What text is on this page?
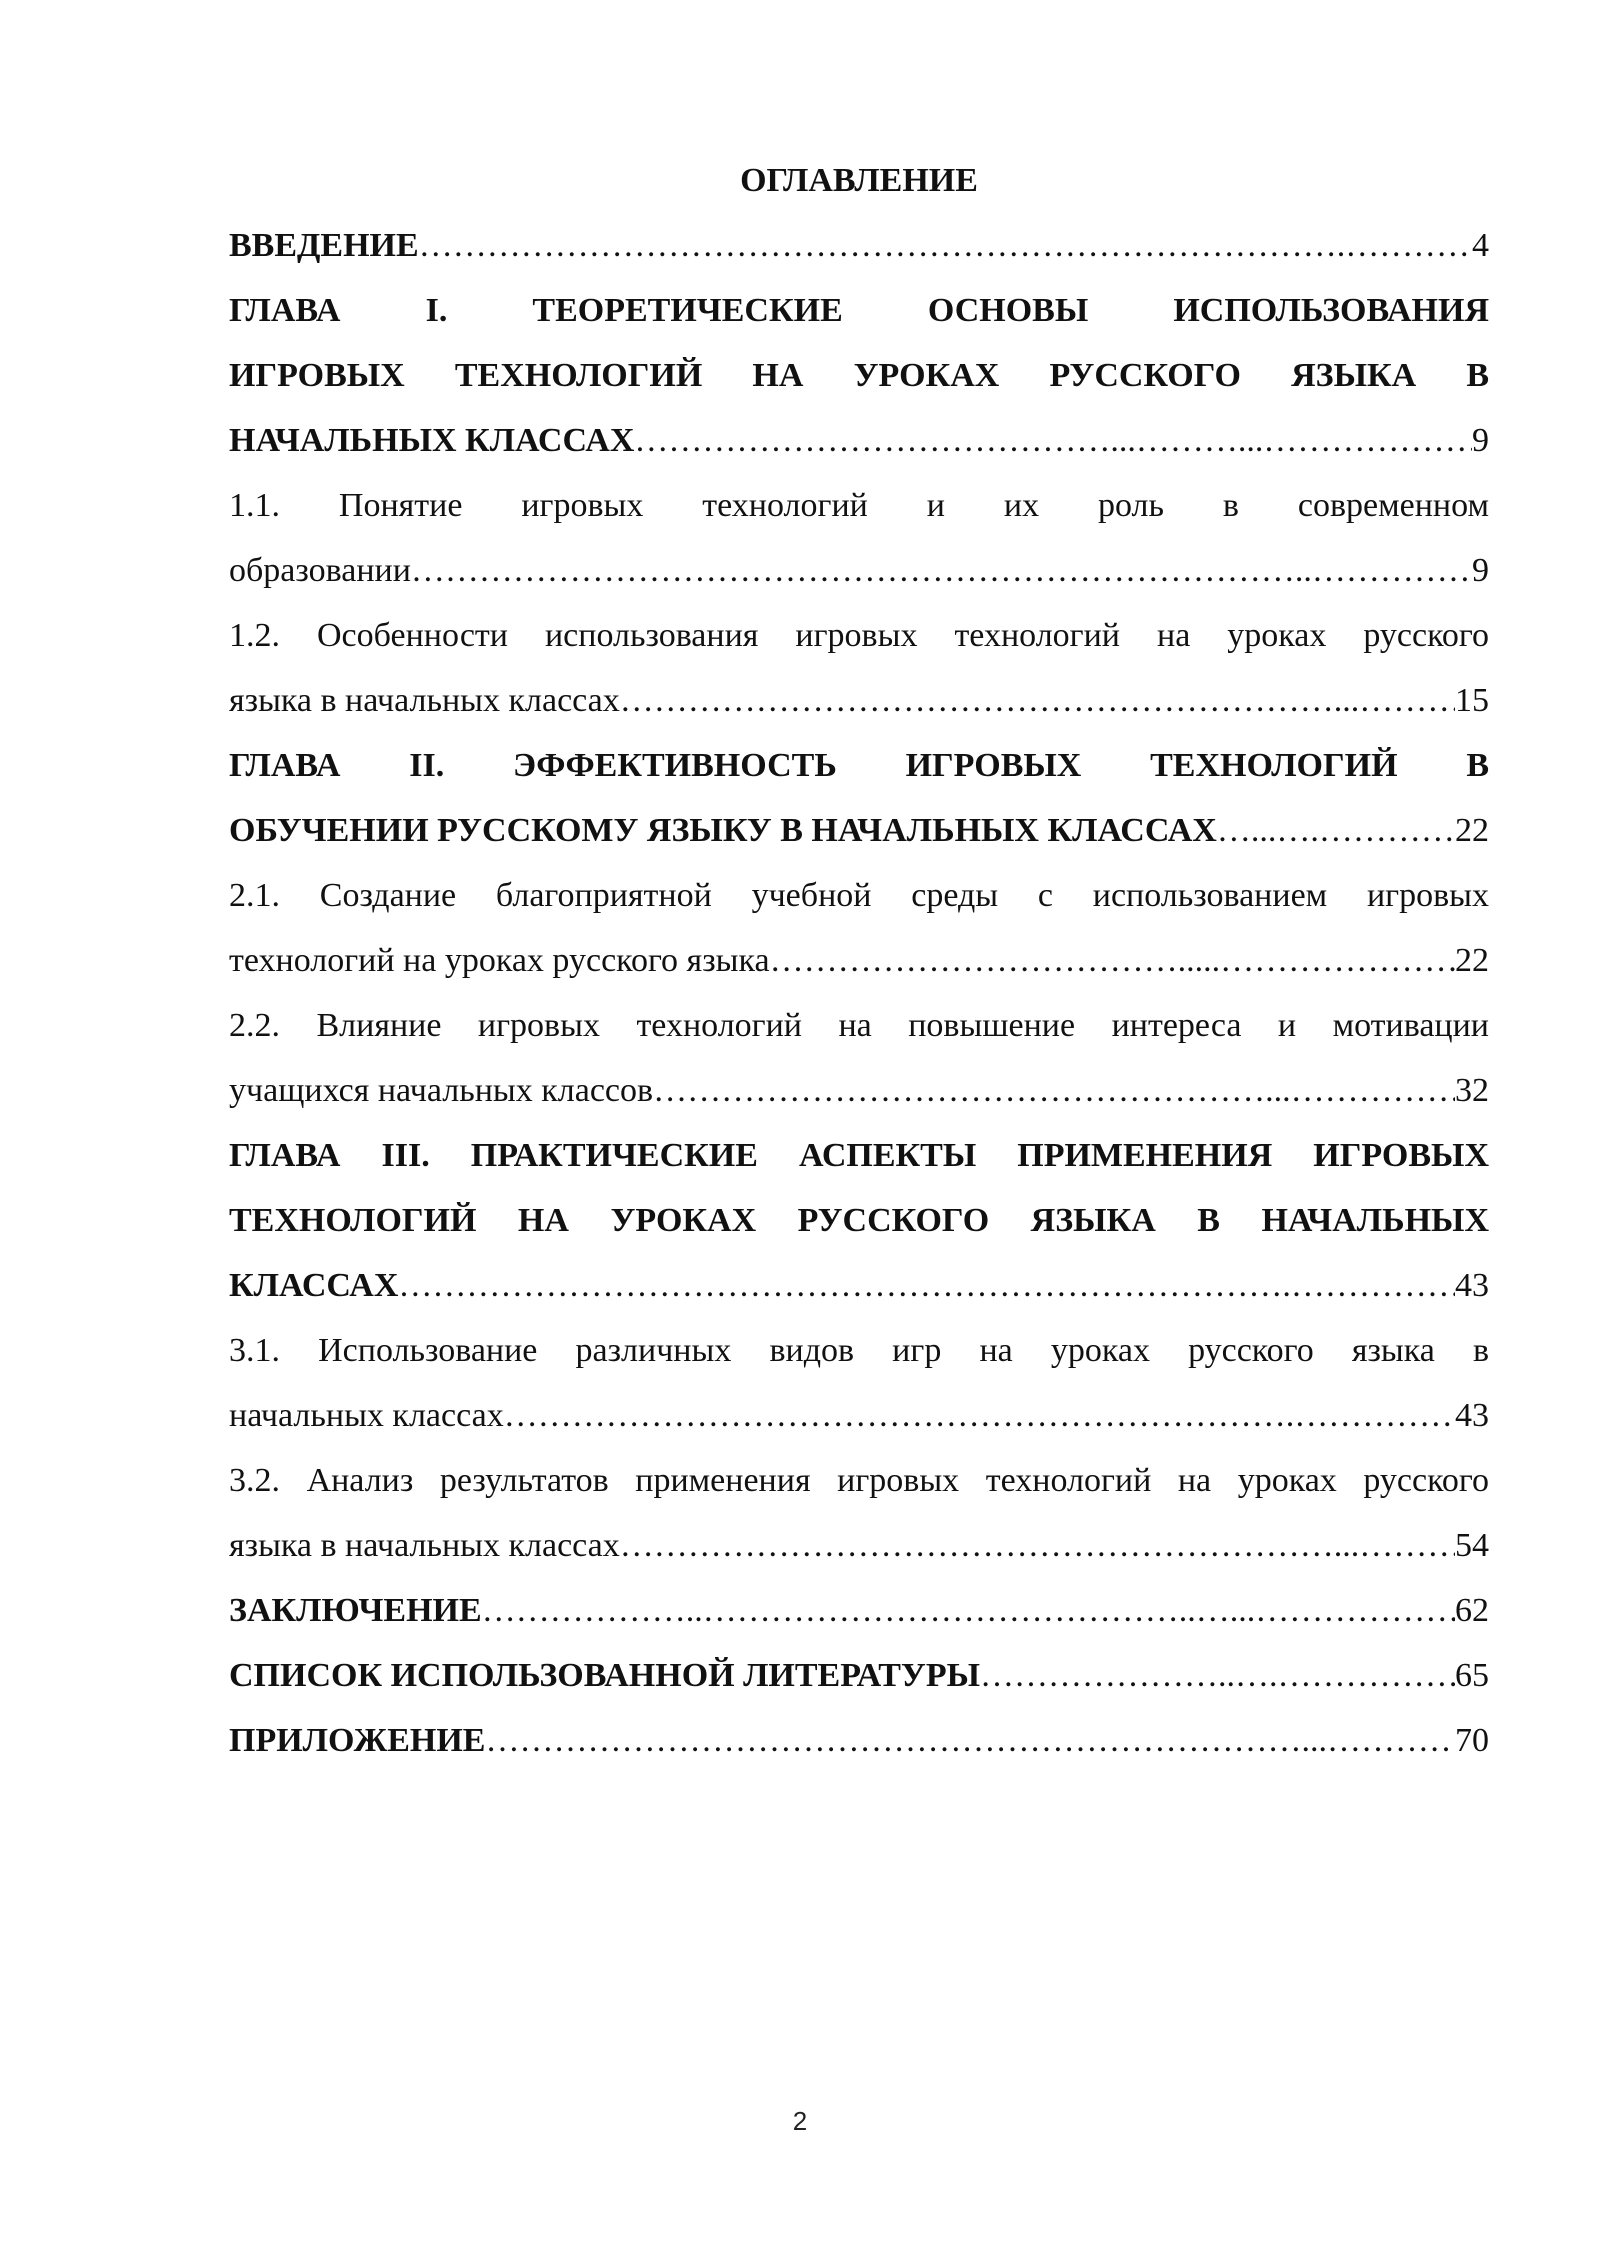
ОГЛАВЛЕНИЕ
ВВЕДЕНИЕ ………………………………………………………………………. ………………………………………………………………………………………………………………	4
ГЛАВА I. ТЕОРЕТИЧЕСКИЕ ОСНОВЫ ИСПОЛЬЗОВАНИЯ
ИГРОВЫХ ТЕХНОЛОГИЙ НА УРОКАХ РУССКОГО ЯЗЫКА В
НАЧАЛЬНЫХ КЛАССАХ ……………………………………...………... ………………………………………………………………………………………………………………	9
1.1. Понятие игровых технологий и их роль в современном
образовании …………………………………………………………………….. ………………………………………………………………………………………………………………	9
1.2. Особенности использования игровых технологий на уроках русского
языка в начальных классах ………………………………………………………... ………………………………………………………………………………………………………………	15
ГЛАВА II. ЭФФЕКТИВНОСТЬ ИГРОВЫХ ТЕХНОЛОГИЙ В
ОБУЧЕНИИ РУССКОМУ ЯЗЫКУ В НАЧАЛЬНЫХ КЛАССАХ …...…. ………………………………………………………………………………………………………………	22
2.1. Создание благоприятной учебной среды с использованием игровых
технологий на уроках русского языка ………………………………..... ………………………………………………………………………………………………………………	22
2.2. Влияние игровых технологий на повышение интереса и мотивации
учащихся начальных классов ………………………………………………... ………………………………………………………………………………………………………………	32
ГЛАВА III. ПРАКТИЧЕСКИЕ АСПЕКТЫ ПРИМЕНЕНИЯ ИГРОВЫХ
ТЕХНОЛОГИЙ НА УРОКАХ РУССКОГО ЯЗЫКА В НАЧАЛЬНЫХ
КЛАССАХ ……………………………………………………………………. ………………………………………………………………………………………………………………	43
3.1. Использование различных видов игр на уроках русского языка в
начальных классах ……………………………………………………………. ………………………………………………………………………………………………………………	43
3.2. Анализ результатов применения игровых технологий на уроках русского
языка в начальных классах ………………………………………………………... ………………………………………………………………………………………………………………	54
ЗАКЛЮЧЕНИЕ ………………..……………………………………..…... ………………………………………………………………………………………………………………	62
СПИСОК ИСПОЛЬЗОВАННОЙ ЛИТЕРАТУРЫ …………………..….… ………………………………………………………………………………………………………………	65
ПРИЛОЖЕНИЕ ………………………………………………………………... ………………………………………………………………………………………………………………	70
2
